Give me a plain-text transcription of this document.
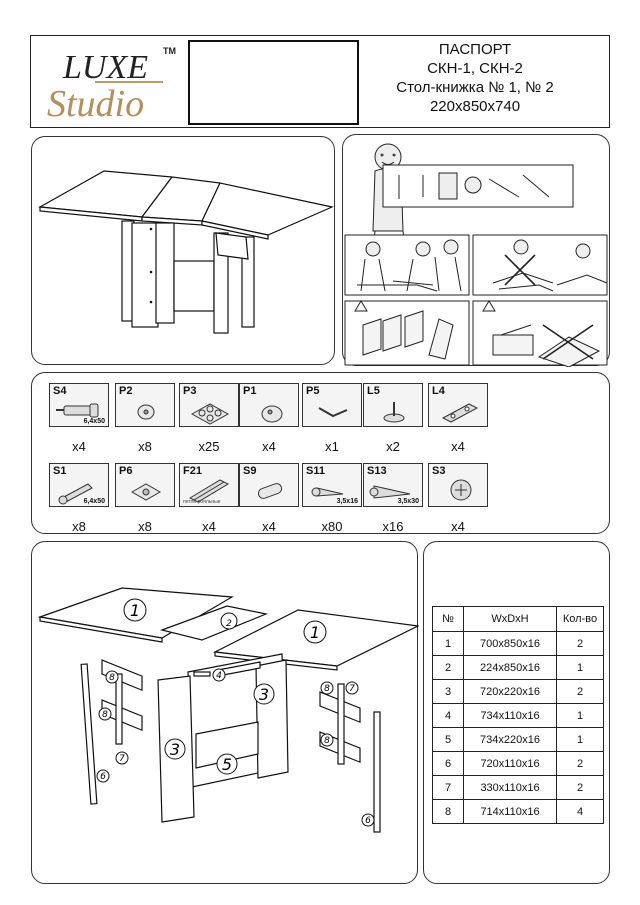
LUXE TM
Studio
ПАСПОРТ
СКН-1, СКН-2
Стол-книжка № 1, № 2
220x850x740
S4
6,4x50
x4
P2
x8
P3
x25
P1
x4
P5
x1
L5
x2
L4
x4
S1
6,4x50
x8
P6
x8
F21
петли рояльные
x4
S9
x4
S11
3,5x16
x80
S13
3,5x30
x16
S3
x4
1
2	1
3
3
5
4
6
7
8
8
8
8
7
6
№	WxDxH	Кол-во
1	700x850x16	2
2	224x850x16	1
3	720x220x16	2
4	734x110x16	1
5	734x220x16	1
6	720x110x16	2
7	330x110x16	2
8	714x110x16	4
